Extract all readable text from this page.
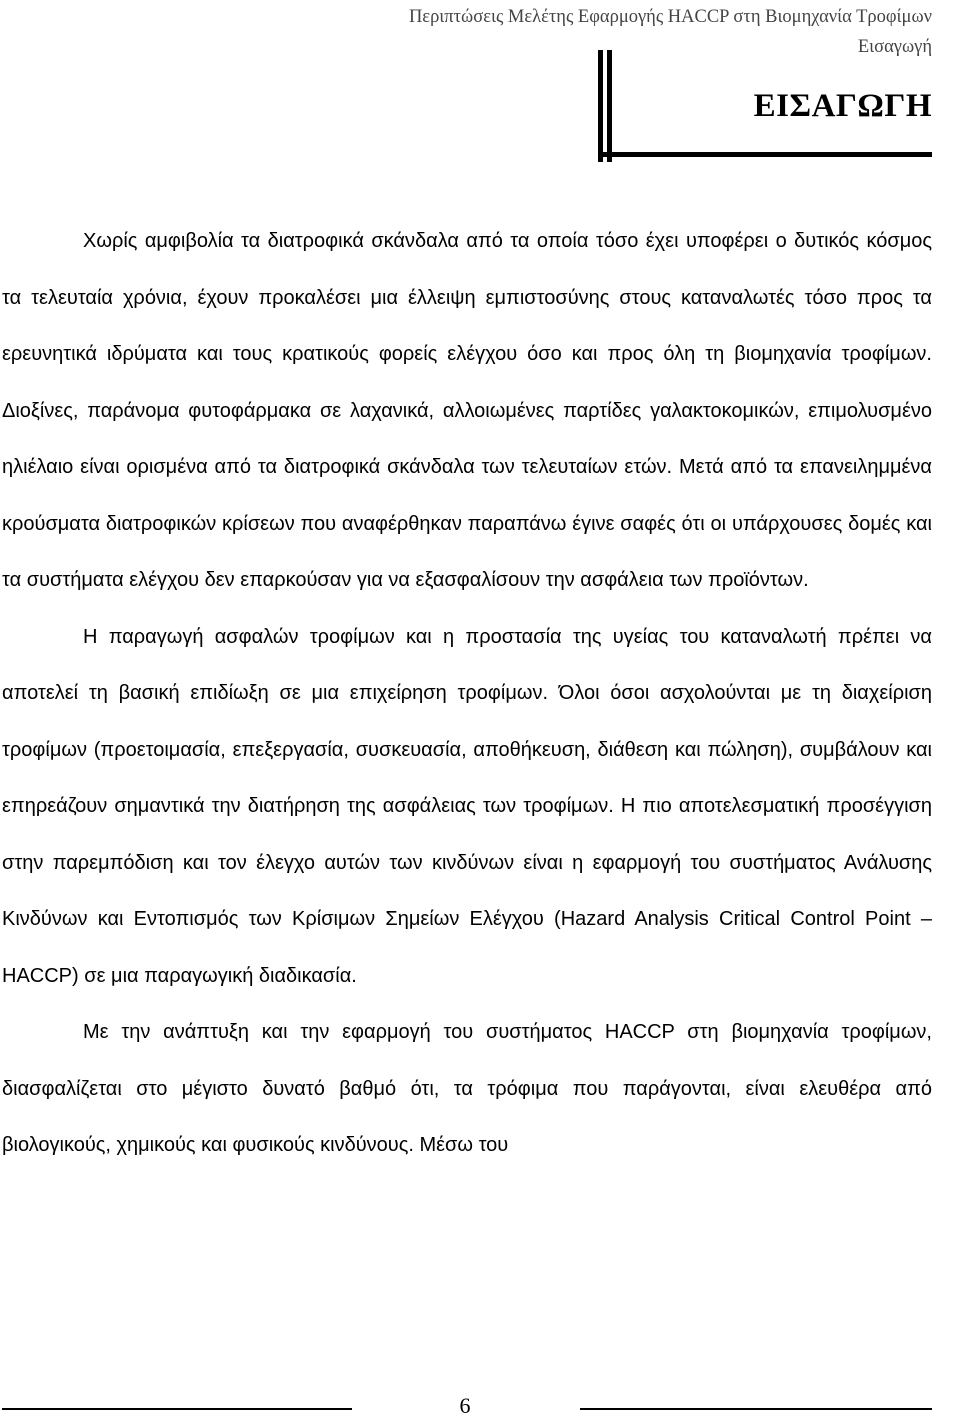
Περιπτώσεις Μελέτης Εφαρμογής HACCP στη Βιομηχανία Τροφίμων
Εισαγωγή
ΕΙΣΑΓΩΓΗ

Χωρίς αμφιβολία τα διατροφικά σκάνδαλα από τα οποία τόσο έχει υποφέρει ο δυτικός κόσμος τα τελευταία χρόνια, έχουν προκαλέσει μια έλλειψη εμπιστοσύνης στους καταναλωτές τόσο προς τα ερευνητικά ιδρύματα και τους κρατικούς φορείς ελέγχου όσο και προς όλη τη βιομηχανία τροφίμων. Διοξίνες, παράνομα φυτοφάρμακα σε λαχανικά, αλλοιωμένες παρτίδες γαλακτοκομικών, επιμολυσμένο ηλιέλαιο είναι ορισμένα από τα διατροφικά σκάνδαλα των τελευταίων ετών. Μετά από τα επανειλημμένα κρούσματα διατροφικών κρίσεων που αναφέρθηκαν παραπάνω έγινε σαφές ότι οι υπάρχουσες δομές και τα συστήματα ελέγχου δεν επαρκούσαν για να εξασφαλίσουν την ασφάλεια των προϊόντων.

Η παραγωγή ασφαλών τροφίμων και η προστασία της υγείας του καταναλωτή πρέπει να αποτελεί τη βασική επιδίωξη σε μια επιχείρηση τροφίμων. Όλοι όσοι ασχολούνται με τη διαχείριση τροφίμων (προετοιμασία, επεξεργασία, συσκευασία, αποθήκευση, διάθεση και πώληση), συμβάλουν και επηρεάζουν σημαντικά την διατήρηση της ασφάλειας των τροφίμων. Η πιο αποτελεσματική προσέγγιση στην παρεμπόδιση και τον έλεγχο αυτών των κινδύνων είναι η εφαρμογή του συστήματος Ανάλυσης Κινδύνων και Εντοπισμός των Κρίσιμων Σημείων Ελέγχου (Hazard Analysis Critical Control Point – HACCP) σε μια παραγωγική διαδικασία.

Με την ανάπτυξη και την εφαρμογή του συστήματος HACCP στη βιομηχανία τροφίμων, διασφαλίζεται στο μέγιστο δυνατό βαθμό ότι, τα τρόφιμα που παράγονται, είναι ελευθέρα από βιολογικούς, χημικούς και φυσικούς κινδύνους. Μέσω του

6
